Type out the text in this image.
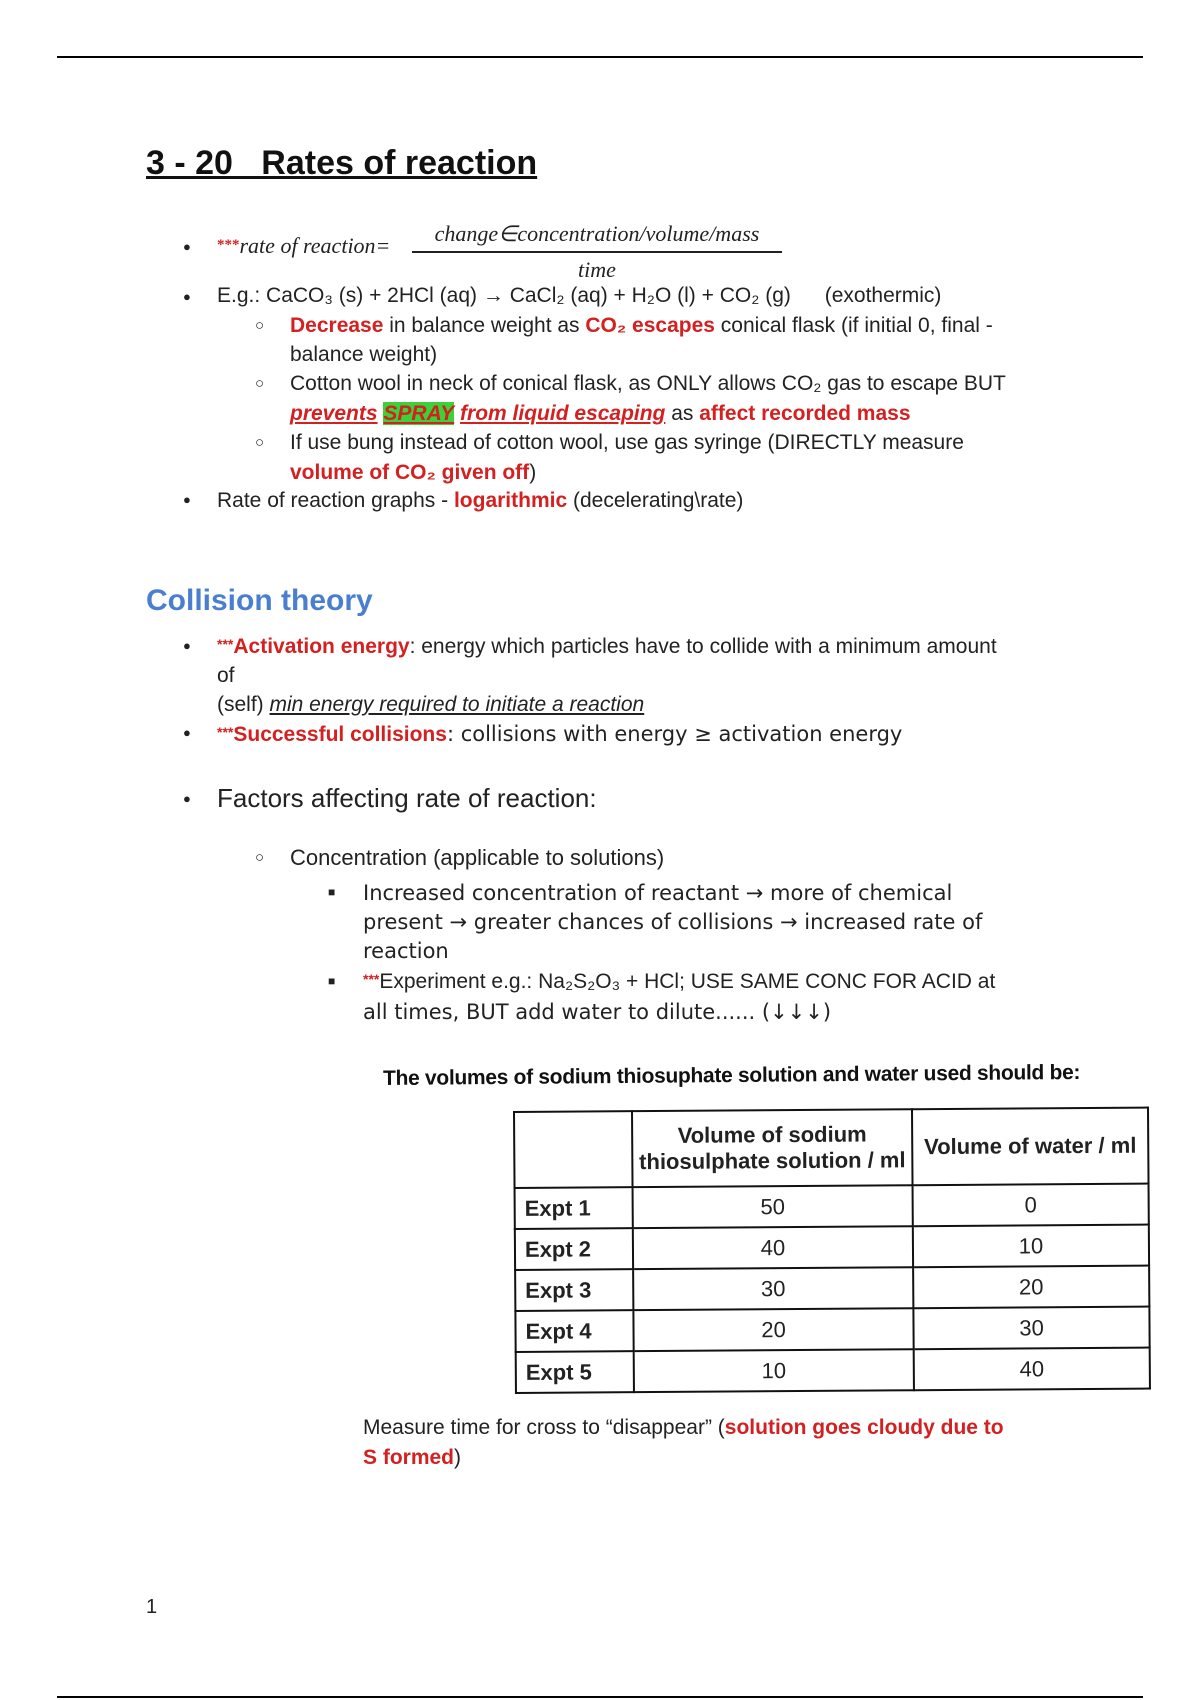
3 - 20   Rates of reaction
●
***rate of reaction=	change∈concentration/volume/mass
time
●
E.g.: CaCO₃ (s) + 2HCl (aq) → CaCl₂ (aq) + H₂O (l) + CO₂ (g) (exothermic)
○
Decrease in balance weight as CO₂ escapes conical flask (if initial 0, final -
balance weight)
○
Cotton wool in neck of conical flask, as ONLY allows CO₂ gas to escape BUT
prevents SPRAY from liquid escaping as affect recorded mass
○
If use bung instead of cotton wool, use gas syringe (DIRECTLY measure
volume of CO₂ given off)
●
Rate of reaction graphs - logarithmic (decelerating\rate)
Collision theory
●
***Activation energy: energy which particles have to collide with a minimum amount
of
(self) min energy required to initiate a reaction
●
***Successful collisions: collisions with energy ≥ activation energy
●
Factors affecting rate of reaction:
○
Concentration (applicable to solutions)
■
Increased concentration of reactant → more of chemical
present → greater chances of collisions → increased rate of
reaction
■
***Experiment e.g.: Na₂S₂O₃ + HCl; USE SAME CONC FOR ACID at
all times, BUT add water to dilute...... (↓↓↓)
The volumes of sodium thiosuphate solution and water used should be:
	Volume of sodium thiosulphate solution / ml	Volume of water / ml
Expt 1	50	0
Expt 2	40	10
Expt 3	30	20
Expt 4	20	30
Expt 5	10	40
Measure time for cross to “disappear” (solution goes cloudy due to
S formed)
1
